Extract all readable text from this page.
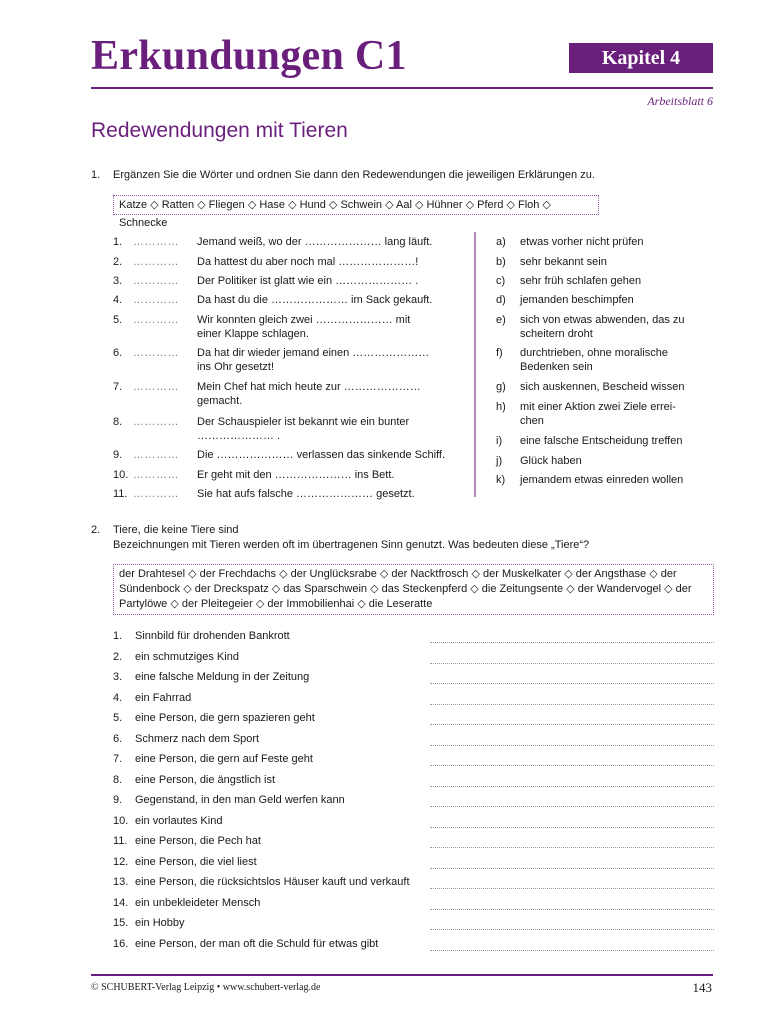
Erkundungen C1	Kapitel 4
Arbeitsblatt 6
Redewendungen mit Tieren
1. Ergänzen Sie die Wörter und ordnen Sie dann den Redewendungen die jeweiligen Erklärungen zu.
Katze ◇ Ratten ◇ Fliegen ◇ Hase ◇ Hund ◇ Schwein ◇ Aal ◇ Hühner ◇ Pferd ◇ Floh ◇ Schnecke
1. ………… Jemand weiß, wo der ………………… lang läuft.
2. ………… Da hattest du aber noch mal …………………!
3. ………… Der Politiker ist glatt wie ein ………………… .
4. ………… Da hast du die ………………… im Sack gekauft.
5. ………… Wir konnten gleich zwei ………………… mit
einer Klappe schlagen.
6. ………… Da hat dir wieder jemand einen …………………
ins Ohr gesetzt!
7. ………… Mein Chef hat mich heute zur …………………
gemacht.
8. ………… Der Schauspieler ist bekannt wie ein bunter
………………… .
9. ………… Die ………………… verlassen das sinkende Schiff.
10. ………… Er geht mit den ………………… ins Bett.
11. ………… Sie hat aufs falsche ………………… gesetzt.
a) etwas vorher nicht prüfen
b) sehr bekannt sein
c) sehr früh schlafen gehen
d) jemanden beschimpfen
e) sich von etwas abwenden, das zu
scheitern droht
f) durchtrieben, ohne moralische
Bedenken sein
g) sich auskennen, Bescheid wissen
h) mit einer Aktion zwei Ziele errei-
chen
i) eine falsche Entscheidung treffen
j) Glück haben
k) jemandem etwas einreden wollen
2. Tiere, die keine Tiere sind
Bezeichnungen mit Tieren werden oft im übertragenen Sinn genutzt. Was bedeuten diese „Tiere“?
der Drahtesel ◇ der Frechdachs ◇ der Unglücksrabe ◇ der Nacktfrosch ◇ der Muskelkater ◇ der Angsthase ◇ der
Sündenbock ◇ der Dreckspatz ◇ das Sparschwein ◇ das Steckenpferd ◇ die Zeitungsente ◇ der Wandervogel ◇ der
Partylöwe ◇ der Pleitegeier ◇ der Immobilienhai ◇ die Leseratte
1. Sinnbild für drohenden Bankrott
2. ein schmutziges Kind
3. eine falsche Meldung in der Zeitung
4. ein Fahrrad
5. eine Person, die gern spazieren geht
6. Schmerz nach dem Sport
7. eine Person, die gern auf Feste geht
8. eine Person, die ängstlich ist
9. Gegenstand, in den man Geld werfen kann
10. ein vorlautes Kind
11. eine Person, die Pech hat
12. eine Person, die viel liest
13. eine Person, die rücksichtslos Häuser kauft und verkauft
14. ein unbekleideter Mensch
15. ein Hobby
16. eine Person, der man oft die Schuld für etwas gibt
© SCHUBERT-Verlag Leipzig • www.schubert-verlag.de	143
